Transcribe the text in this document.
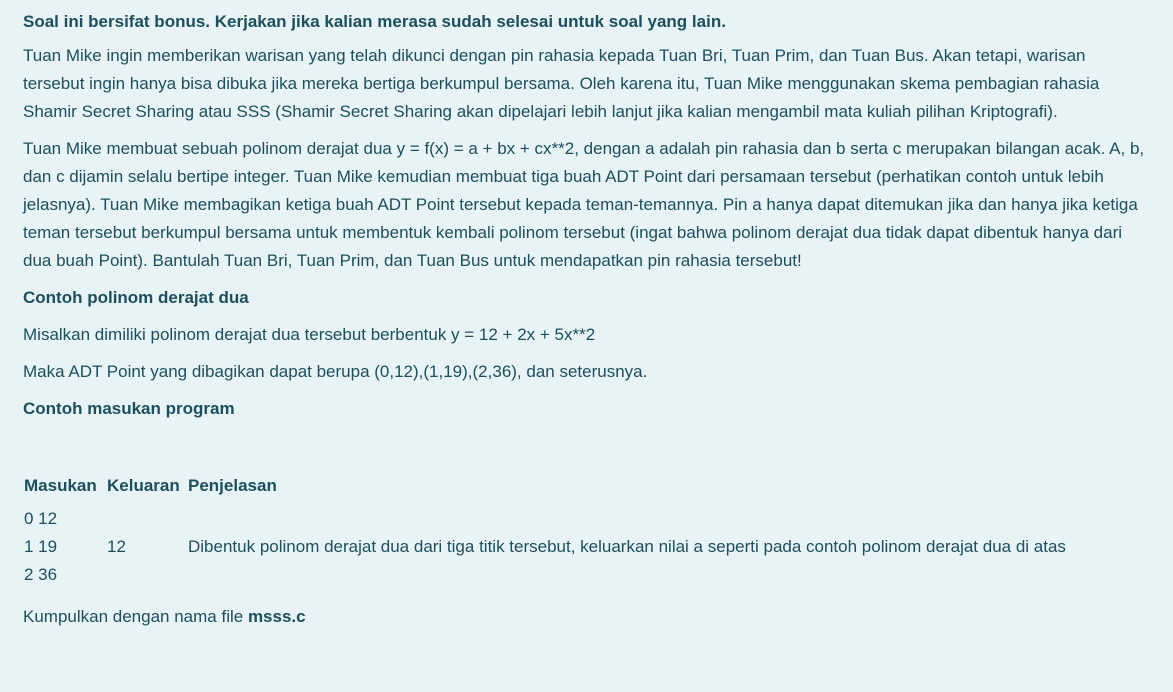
Soal ini bersifat bonus. Kerjakan jika kalian merasa sudah selesai untuk soal yang lain.

Tuan Mike ingin memberikan warisan yang telah dikunci dengan pin rahasia kepada Tuan Bri, Tuan Prim, dan Tuan Bus. Akan tetapi, warisan tersebut ingin hanya bisa dibuka jika mereka bertiga berkumpul bersama. Oleh karena itu, Tuan Mike menggunakan skema pembagian rahasia Shamir Secret Sharing atau SSS (Shamir Secret Sharing akan dipelajari lebih lanjut jika kalian mengambil mata kuliah pilihan Kriptografi).

Tuan Mike membuat sebuah polinom derajat dua y = f(x) = a + bx + cx**2, dengan a adalah pin rahasia dan b serta c merupakan bilangan acak. A, b, dan c dijamin selalu bertipe integer. Tuan Mike kemudian membuat tiga buah ADT Point dari persamaan tersebut (perhatikan contoh untuk lebih jelasnya). Tuan Mike membagikan ketiga buah ADT Point tersebut kepada teman-temannya. Pin a hanya dapat ditemukan jika dan hanya jika ketiga teman tersebut berkumpul bersama untuk membentuk kembali polinom tersebut (ingat bahwa polinom derajat dua tidak dapat dibentuk hanya dari dua buah Point). Bantulah Tuan Bri, Tuan Prim, dan Tuan Bus untuk mendapatkan pin rahasia tersebut!

Contoh polinom derajat dua

Misalkan dimiliki polinom derajat dua tersebut berbentuk y = 12 + 2x + 5x**2

Maka ADT Point yang dibagikan dapat berupa (0,12),(1,19),(2,36), dan seterusnya.

Contoh masukan program

Masukan	Keluaran	Penjelasan

0 12
1 19
2 36	12	Dibentuk polinom derajat dua dari tiga titik tersebut, keluarkan nilai a seperti pada contoh polinom derajat dua di atas

Kumpulkan dengan nama file msss.c
